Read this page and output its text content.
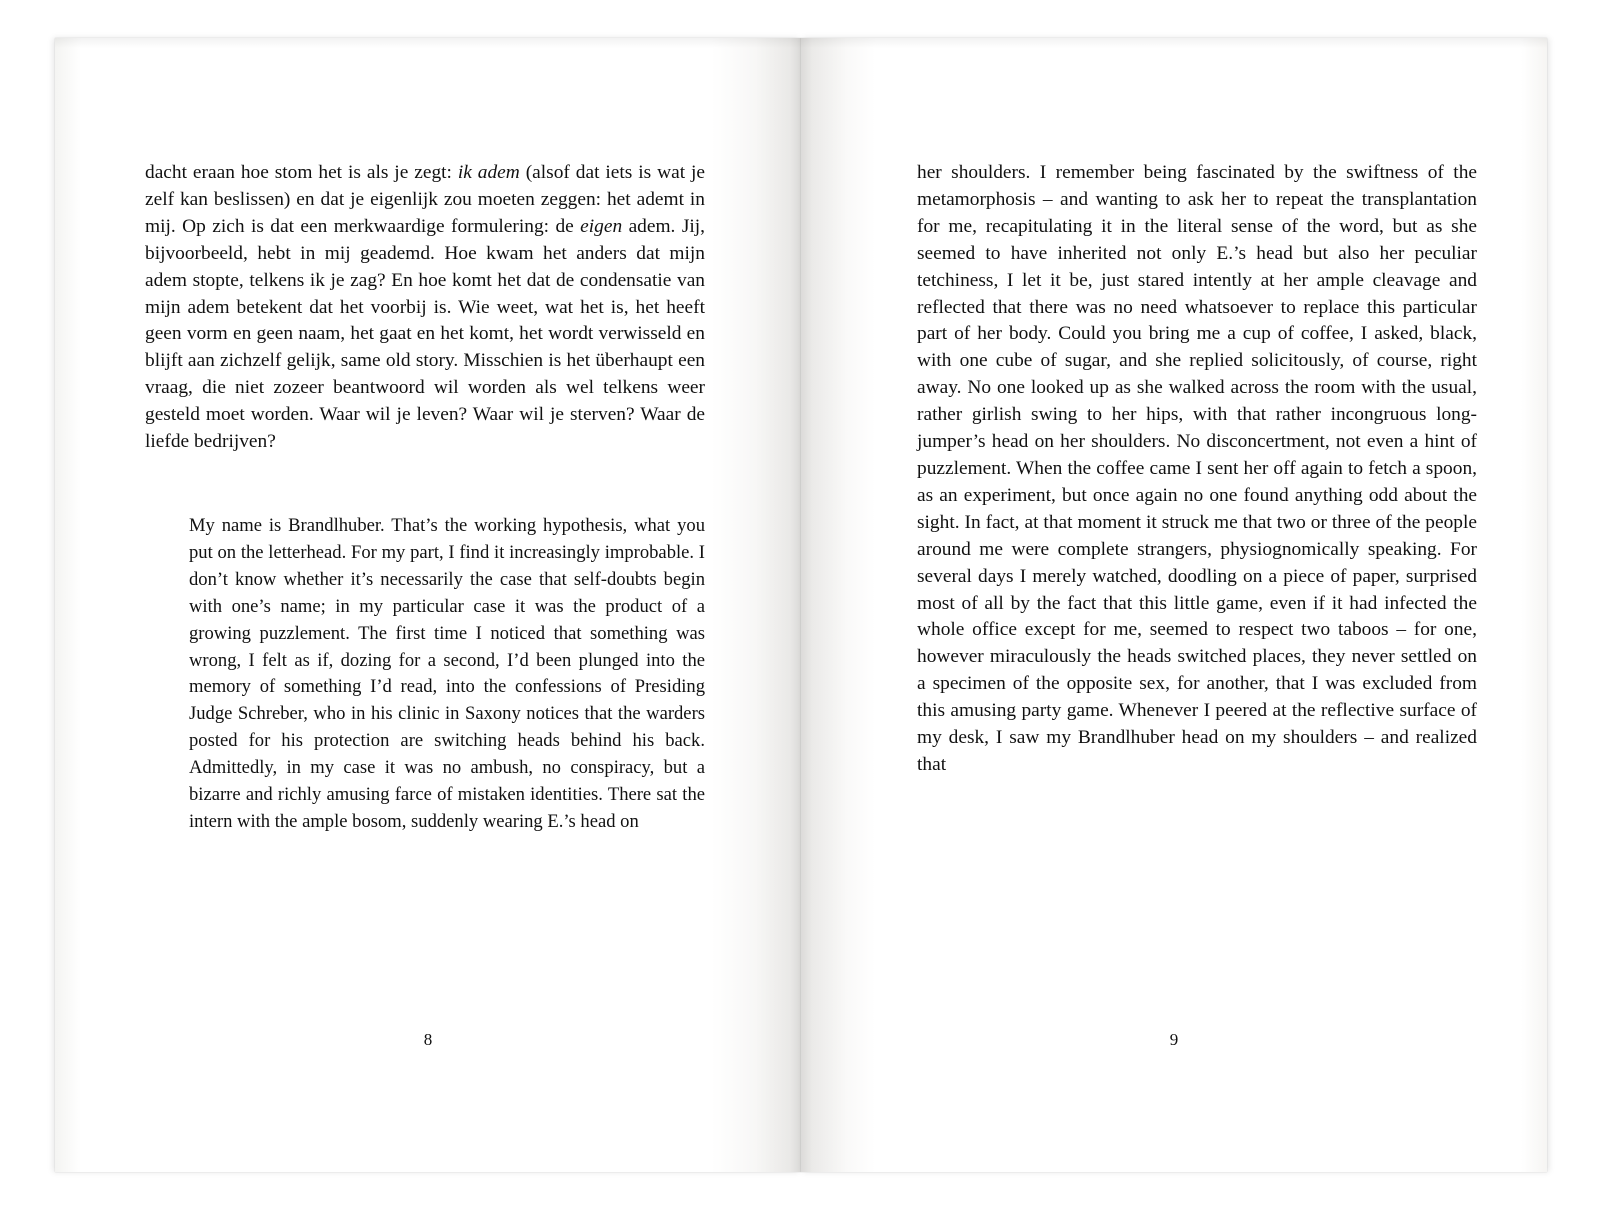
dacht eraan hoe stom het is als je zegt: ik adem (alsof dat iets is wat je zelf kan beslissen) en dat je eigenlijk zou moeten zeggen: het ademt in mij. Op zich is dat een merkwaardige formulering: de eigen adem. Jij, bijvoorbeeld, hebt in mij geademd. Hoe kwam het anders dat mijn adem stopte, telkens ik je zag? En hoe komt het dat de condensatie van mijn adem betekent dat het voorbij is. Wie weet, wat het is, het heeft geen vorm en geen naam, het gaat en het komt, het wordt verwisseld en blijft aan zichzelf gelijk, same old story. Misschien is het überhaupt een vraag, die niet zozeer beantwoord wil worden als wel telkens weer gesteld moet worden. Waar wil je leven? Waar wil je sterven? Waar de liefde bedrijven?

My name is Brandlhuber. That’s the working hypothesis, what you put on the letterhead. For my part, I find it increasingly improbable. I don’t know whether it’s necessarily the case that self-doubts begin with one’s name; in my particular case it was the product of a growing puzzlement. The first time I noticed that something was wrong, I felt as if, dozing for a second, I’d been plunged into the memory of something I’d read, into the confessions of Presiding Judge Schreber, who in his clinic in Saxony notices that the warders posted for his protection are switching heads behind his back. Admittedly, in my case it was no ambush, no conspiracy, but a bizarre and richly amusing farce of mistaken identities. There sat the intern with the ample bosom, suddenly wearing E.’s head on
8

her shoulders. I remember being fascinated by the swiftness of the metamorphosis – and wanting to ask her to repeat the transplantation for me, recapitulating it in the literal sense of the word, but as she seemed to have inherited not only E.’s head but also her peculiar tetchiness, I let it be, just stared intently at her ample cleavage and reflected that there was no need whatsoever to replace this particular part of her body. Could you bring me a cup of coffee, I asked, black, with one cube of sugar, and she replied solicitously, of course, right away. No one looked up as she walked across the room with the usual, rather girlish swing to her hips, with that rather incongruous long-jumper’s head on her shoulders. No disconcertment, not even a hint of puzzlement. When the coffee came I sent her off again to fetch a spoon, as an experiment, but once again no one found anything odd about the sight. In fact, at that moment it struck me that two or three of the people around me were complete strangers, physiognomically speaking. For several days I merely watched, doodling on a piece of paper, surprised most of all by the fact that this little game, even if it had infected the whole office except for me, seemed to respect two taboos – for one, however miraculously the heads switched places, they never settled on a specimen of the opposite sex, for another, that I was excluded from this amusing party game. Whenever I peered at the reflective surface of my desk, I saw my Brandlhuber head on my shoulders – and realized that

9
